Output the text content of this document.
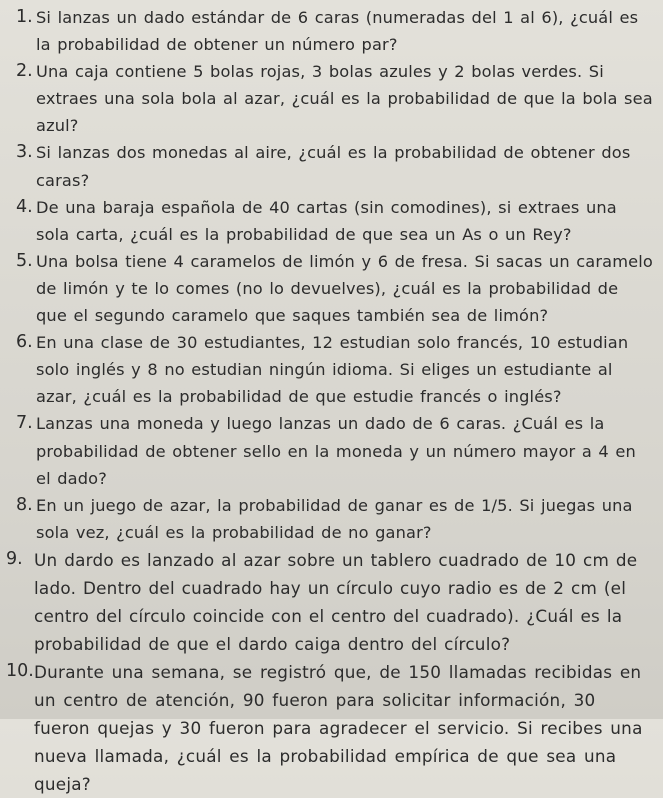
1. Si lanzas un dado estándar de 6 caras (numeradas del 1 al 6), ¿cuál es la probabilidad de obtener un número par?
2. Una caja contiene 5 bolas rojas, 3 bolas azules y 2 bolas verdes. Si extraes una sola bola al azar, ¿cuál es la probabilidad de que la bola sea azul?
3. Si lanzas dos monedas al aire, ¿cuál es la probabilidad de obtener dos caras?
4. De una baraja española de 40 cartas (sin comodines), si extraes una sola carta, ¿cuál es la probabilidad de que sea un As o un Rey?
5. Una bolsa tiene 4 caramelos de limón y 6 de fresa. Si sacas un caramelo de limón y te lo comes (no lo devuelves), ¿cuál es la probabilidad de que el segundo caramelo que saques también sea de limón?
6. En una clase de 30 estudiantes, 12 estudian solo francés, 10 estudian solo inglés y 8 no estudian ningún idioma. Si eliges un estudiante al azar, ¿cuál es la probabilidad de que estudie francés o inglés?
7. Lanzas una moneda y luego lanzas un dado de 6 caras. ¿Cuál es la probabilidad de obtener sello en la moneda y un número mayor a 4 en el dado?
8. En un juego de azar, la probabilidad de ganar es de 1/5. Si juegas una sola vez, ¿cuál es la probabilidad de no ganar?
9. Un dardo es lanzado al azar sobre un tablero cuadrado de 10 cm de lado. Dentro del cuadrado hay un círculo cuyo radio es de 2 cm (el centro del círculo coincide con el centro del cuadrado). ¿Cuál es la probabilidad de que el dardo caiga dentro del círculo?
10. Durante una semana, se registró que, de 150 llamadas recibidas en un centro de atención, 90 fueron para solicitar información, 30 fueron quejas y 30 fueron para agradecer el servicio. Si recibes una nueva llamada, ¿cuál es la probabilidad empírica de que sea una queja?
